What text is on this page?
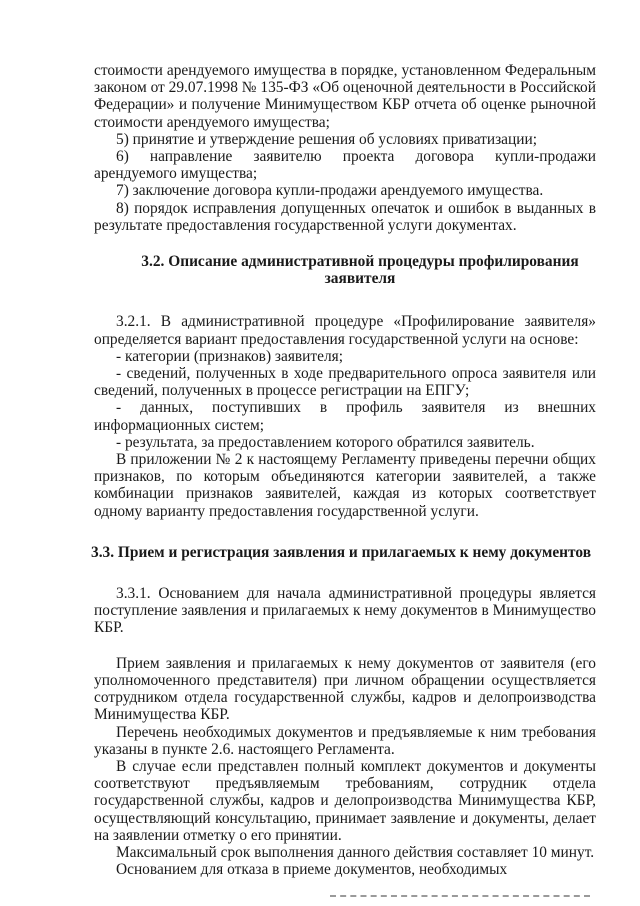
стоимости арендуемого имущества в порядке, установленном Федеральным законом от 29.07.1998 № 135-ФЗ «Об оценочной деятельности в Российской Федерации» и получение Минимуществом КБР отчета об оценке рыночной стоимости арендуемого имущества;

5) принятие и утверждение решения об условиях приватизации;

6) направление заявителю проекта договора купли-продажи арендуемого имущества;

7) заключение договора купли-продажи арендуемого имущества.

8) порядок исправления допущенных опечаток и ошибок в выданных в результате предоставления государственной услуги документах.

3.2. Описание административной процедуры профилирования заявителя

3.2.1. В административной процедуре «Профилирование заявителя» определяется вариант предоставления государственной услуги на основе:

- категории (признаков) заявителя;

- сведений, полученных в ходе предварительного опроса заявителя или сведений, полученных в процессе регистрации на ЕПГУ;

- данных, поступивших в профиль заявителя из внешних информационных систем;

- результата, за предоставлением которого обратился заявитель.

В приложении № 2 к настоящему Регламенту приведены перечни общих признаков, по которым объединяются категории заявителей, а также комбинации признаков заявителей, каждая из которых соответствует одному варианту предоставления государственной услуги.

3.3. Прием и регистрация заявления и прилагаемых к нему документов

3.3.1. Основанием для начала административной процедуры является поступление заявления и прилагаемых к нему документов в Минимущество КБР.

Прием заявления и прилагаемых к нему документов от заявителя (его уполномоченного представителя) при личном обращении осуществляется сотрудником отдела государственной службы, кадров и делопроизводства Минимущества КБР.

Перечень необходимых документов и предъявляемые к ним требования указаны в пункте 2.6. настоящего Регламента.

В случае если представлен полный комплект документов и документы соответствуют предъявляемым требованиям, сотрудник отдела государственной службы, кадров и делопроизводства Минимущества КБР, осуществляющий консультацию, принимает заявление и документы, делает на заявлении отметку о его принятии.

Максимальный срок выполнения данного действия составляет 10 минут.

Основанием для отказа в приеме документов, необходимых
